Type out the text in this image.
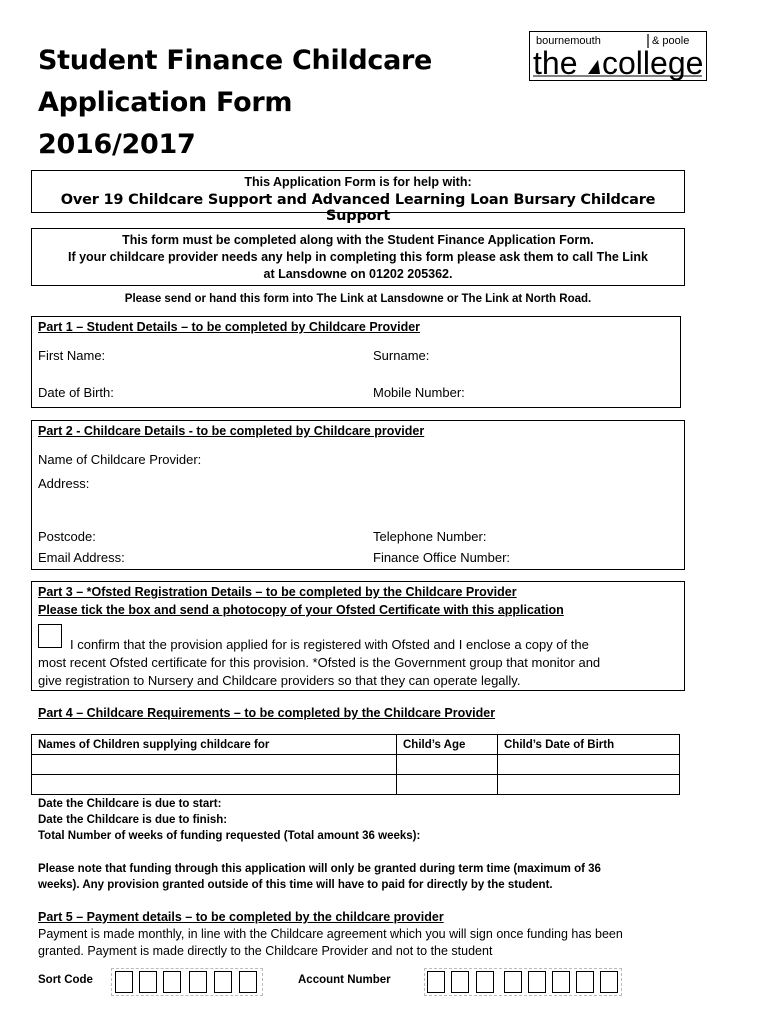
Student Finance Childcare
Application Form
2016/2017
bournemouth	& poole
the college
This Application Form is for help with:
Over 19 Childcare Support and Advanced Learning Loan Bursary Childcare Support
This form must be completed along with the Student Finance Application Form.
If your childcare provider needs any help in completing this form please ask them to call The Link
at Lansdowne on 01202 205362.
Please send or hand this form into The Link at Lansdowne or The Link at North Road.
Part 1 – Student Details – to be completed by Childcare Provider
First Name:	Surname:
Date of Birth:	Mobile Number:
Part 2 - Childcare Details - to be completed by Childcare provider
Name of Childcare Provider:
Address:
Postcode:	Telephone Number:
Email Address:	Finance Office Number:
Part 3 – *Ofsted Registration Details – to be completed by the Childcare Provider
Please tick the box and send a photocopy of your Ofsted Certificate with this application
I confirm that the provision applied for is registered with Ofsted and I enclose a copy of the
most recent Ofsted certificate for this provision. *Ofsted is the Government group that monitor and
give registration to Nursery and Childcare providers so that they can operate legally.
Part 4 – Childcare Requirements – to be completed by the Childcare Provider
Names of Children supplying childcare for	Child’s Age	Child’s Date of Birth

Date the Childcare is due to start:
Date the Childcare is due to finish:
Total Number of weeks of funding requested (Total amount 36 weeks):
Please note that funding through this application will only be granted during term time (maximum of 36
weeks). Any provision granted outside of this time will have to paid for directly by the student.
Part 5 – Payment details – to be completed by the childcare provider
Payment is made monthly, in line with the Childcare agreement which you will sign once funding has been
granted. Payment is made directly to the Childcare Provider and not to the student
Sort Code	Account Number
